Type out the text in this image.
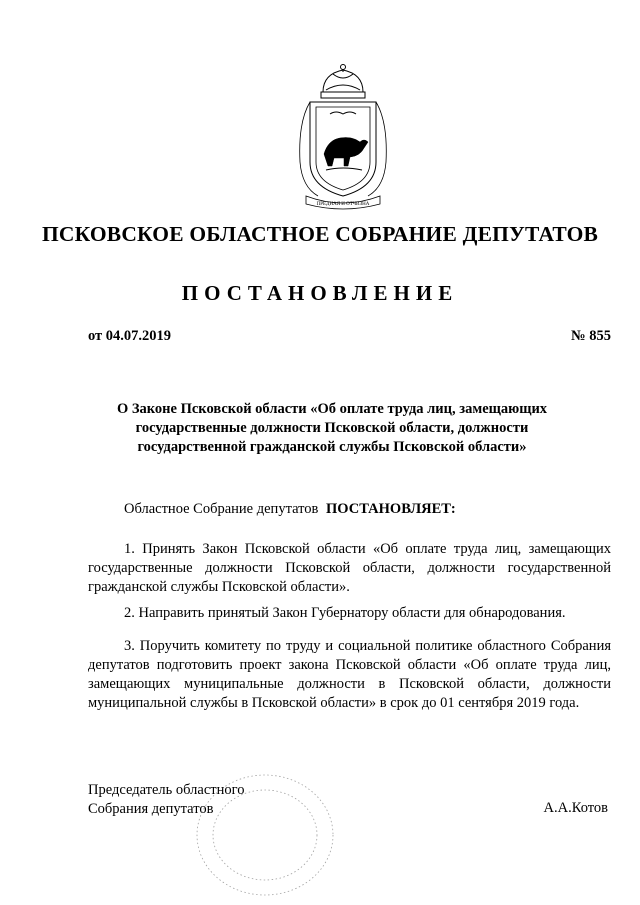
ПРЕДНАЯ И ОТЧИЗНА
ПСКОВСКОЕ ОБЛАСТНОЕ СОБРАНИЕ ДЕПУТАТОВ
ПОСТАНОВЛЕНИЕ
от 04.07.2019	№ 855
О Законе Псковской области «Об оплате труда лиц, замещающих
государственные должности Псковской области, должности
государственной гражданской службы Псковской области»
Областное Собрание депутатов ПОСТАНОВЛЯЕТ:
1. Принять Закон Псковской области «Об оплате труда лиц, замещающих государственные должности Псковской области, должности государственной гражданской службы Псковской области».
2. Направить принятый Закон Губернатору области для обнародования.
3. Поручить комитету по труду и социальной политике областного Собрания депутатов подготовить проект закона Псковской области «Об оплате труда лиц, замещающих муниципальные должности в Псковской области, должности муниципальной службы в Псковской области» в срок до 01 сентября 2019 года.
Председатель областного
Собрания депутатов	А.А.Котов
